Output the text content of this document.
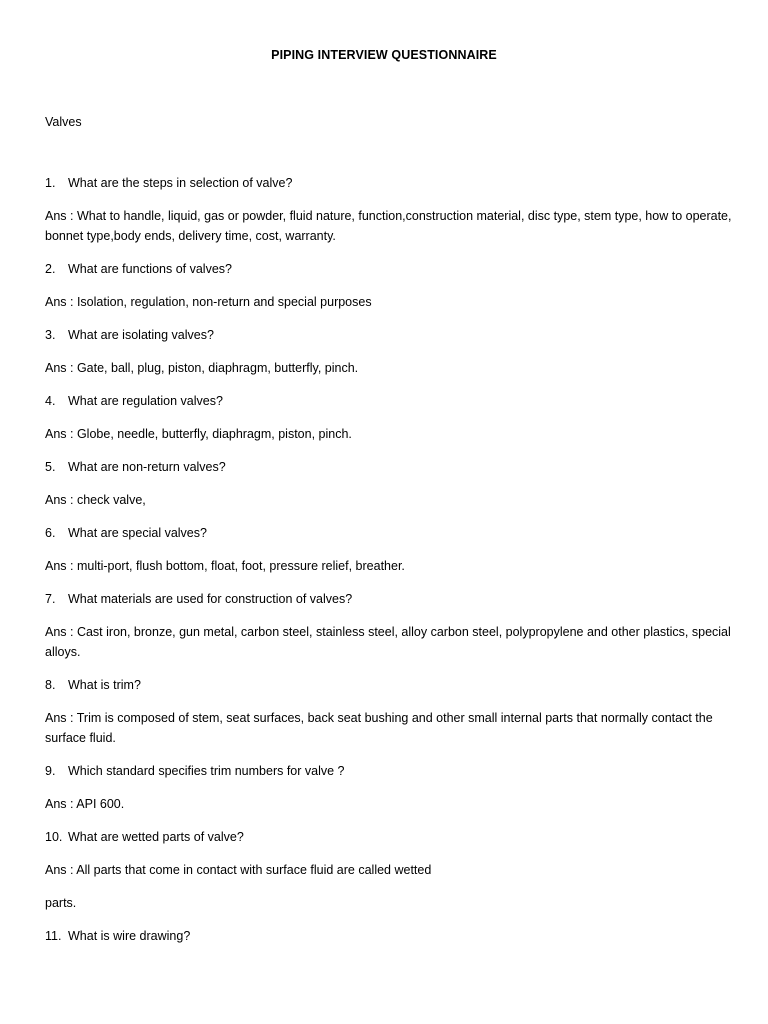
PIPING INTERVIEW QUESTIONNAIRE
Valves
1.	What are the steps in selection of valve?
Ans : What to handle, liquid, gas or powder, fluid nature, function,construction material, disc type, stem type, how to operate, bonnet type,body ends, delivery time, cost, warranty.
2.	What are functions of valves?
Ans : Isolation, regulation, non-return and special purposes
3.	What are isolating valves?
Ans : Gate, ball, plug, piston, diaphragm, butterfly, pinch.
4.	What are regulation valves?
Ans : Globe, needle, butterfly, diaphragm, piston, pinch.
5.	What are non-return valves?
Ans : check valve,
6.	What are special valves?
Ans : multi-port, flush bottom, float, foot, pressure relief, breather.
7.	What materials are used for construction of valves?
Ans : Cast iron, bronze, gun metal, carbon steel, stainless steel, alloy carbon steel, polypropylene and other plastics, special alloys.
8.	What is trim?
Ans : Trim is composed of stem, seat surfaces, back seat bushing and other small internal parts that normally contact the surface fluid.
9.	Which standard specifies trim numbers for valve ?
Ans : API 600.
10. What are wetted parts of valve?
Ans : All parts that come in contact with surface fluid are called wetted
parts.
11. What is wire drawing?
